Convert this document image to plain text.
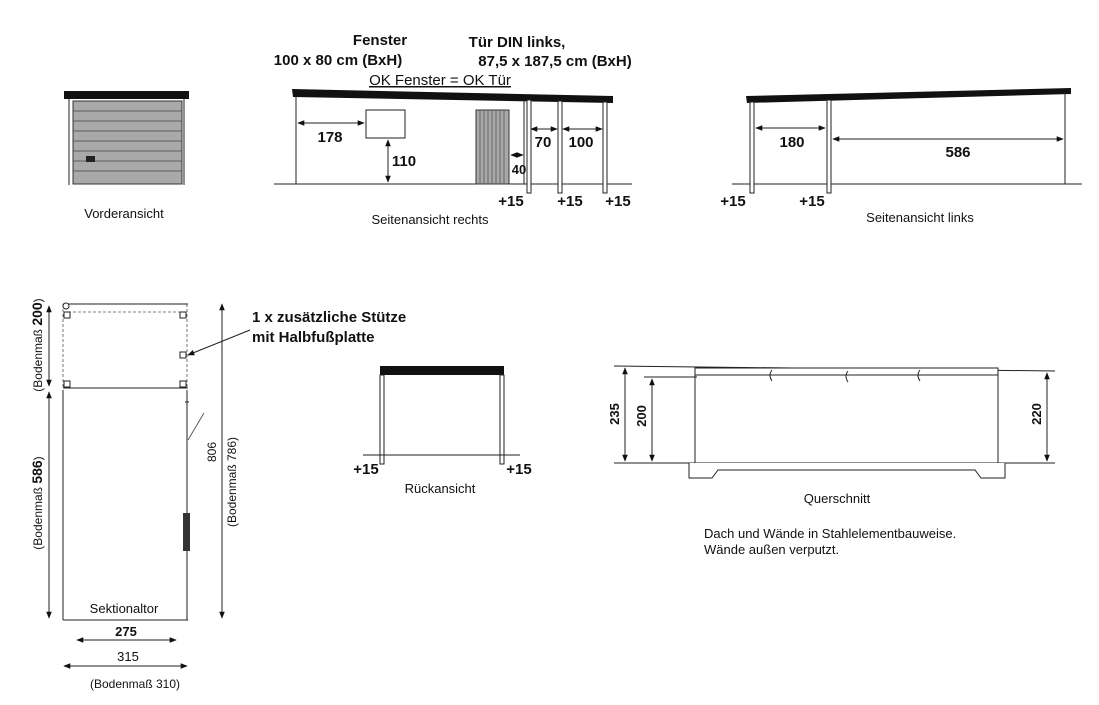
Vorderansicht
Fenster
100 x 80 cm (BxH)
Tür DIN links,
87,5 x 187,5 cm (BxH)
OK Fenster = OK Tür
178
110
70 100
40
+15 +15 +15
Seitenansicht rechts
180
586
+15	+15
Seitenansicht links
Sektionaltor
1 x zusätzliche Stütze
mit Halbfußplatte
(Bodenmaß 200)
(Bodenmaß 586)	806 (Bodenmaß 786)
275
315
(Bodenmaß 310)
+15	+15
Rückansicht
235 200	220
Querschnitt
Dach und Wände in Stahlelementbauweise.
Wände außen verputzt.
